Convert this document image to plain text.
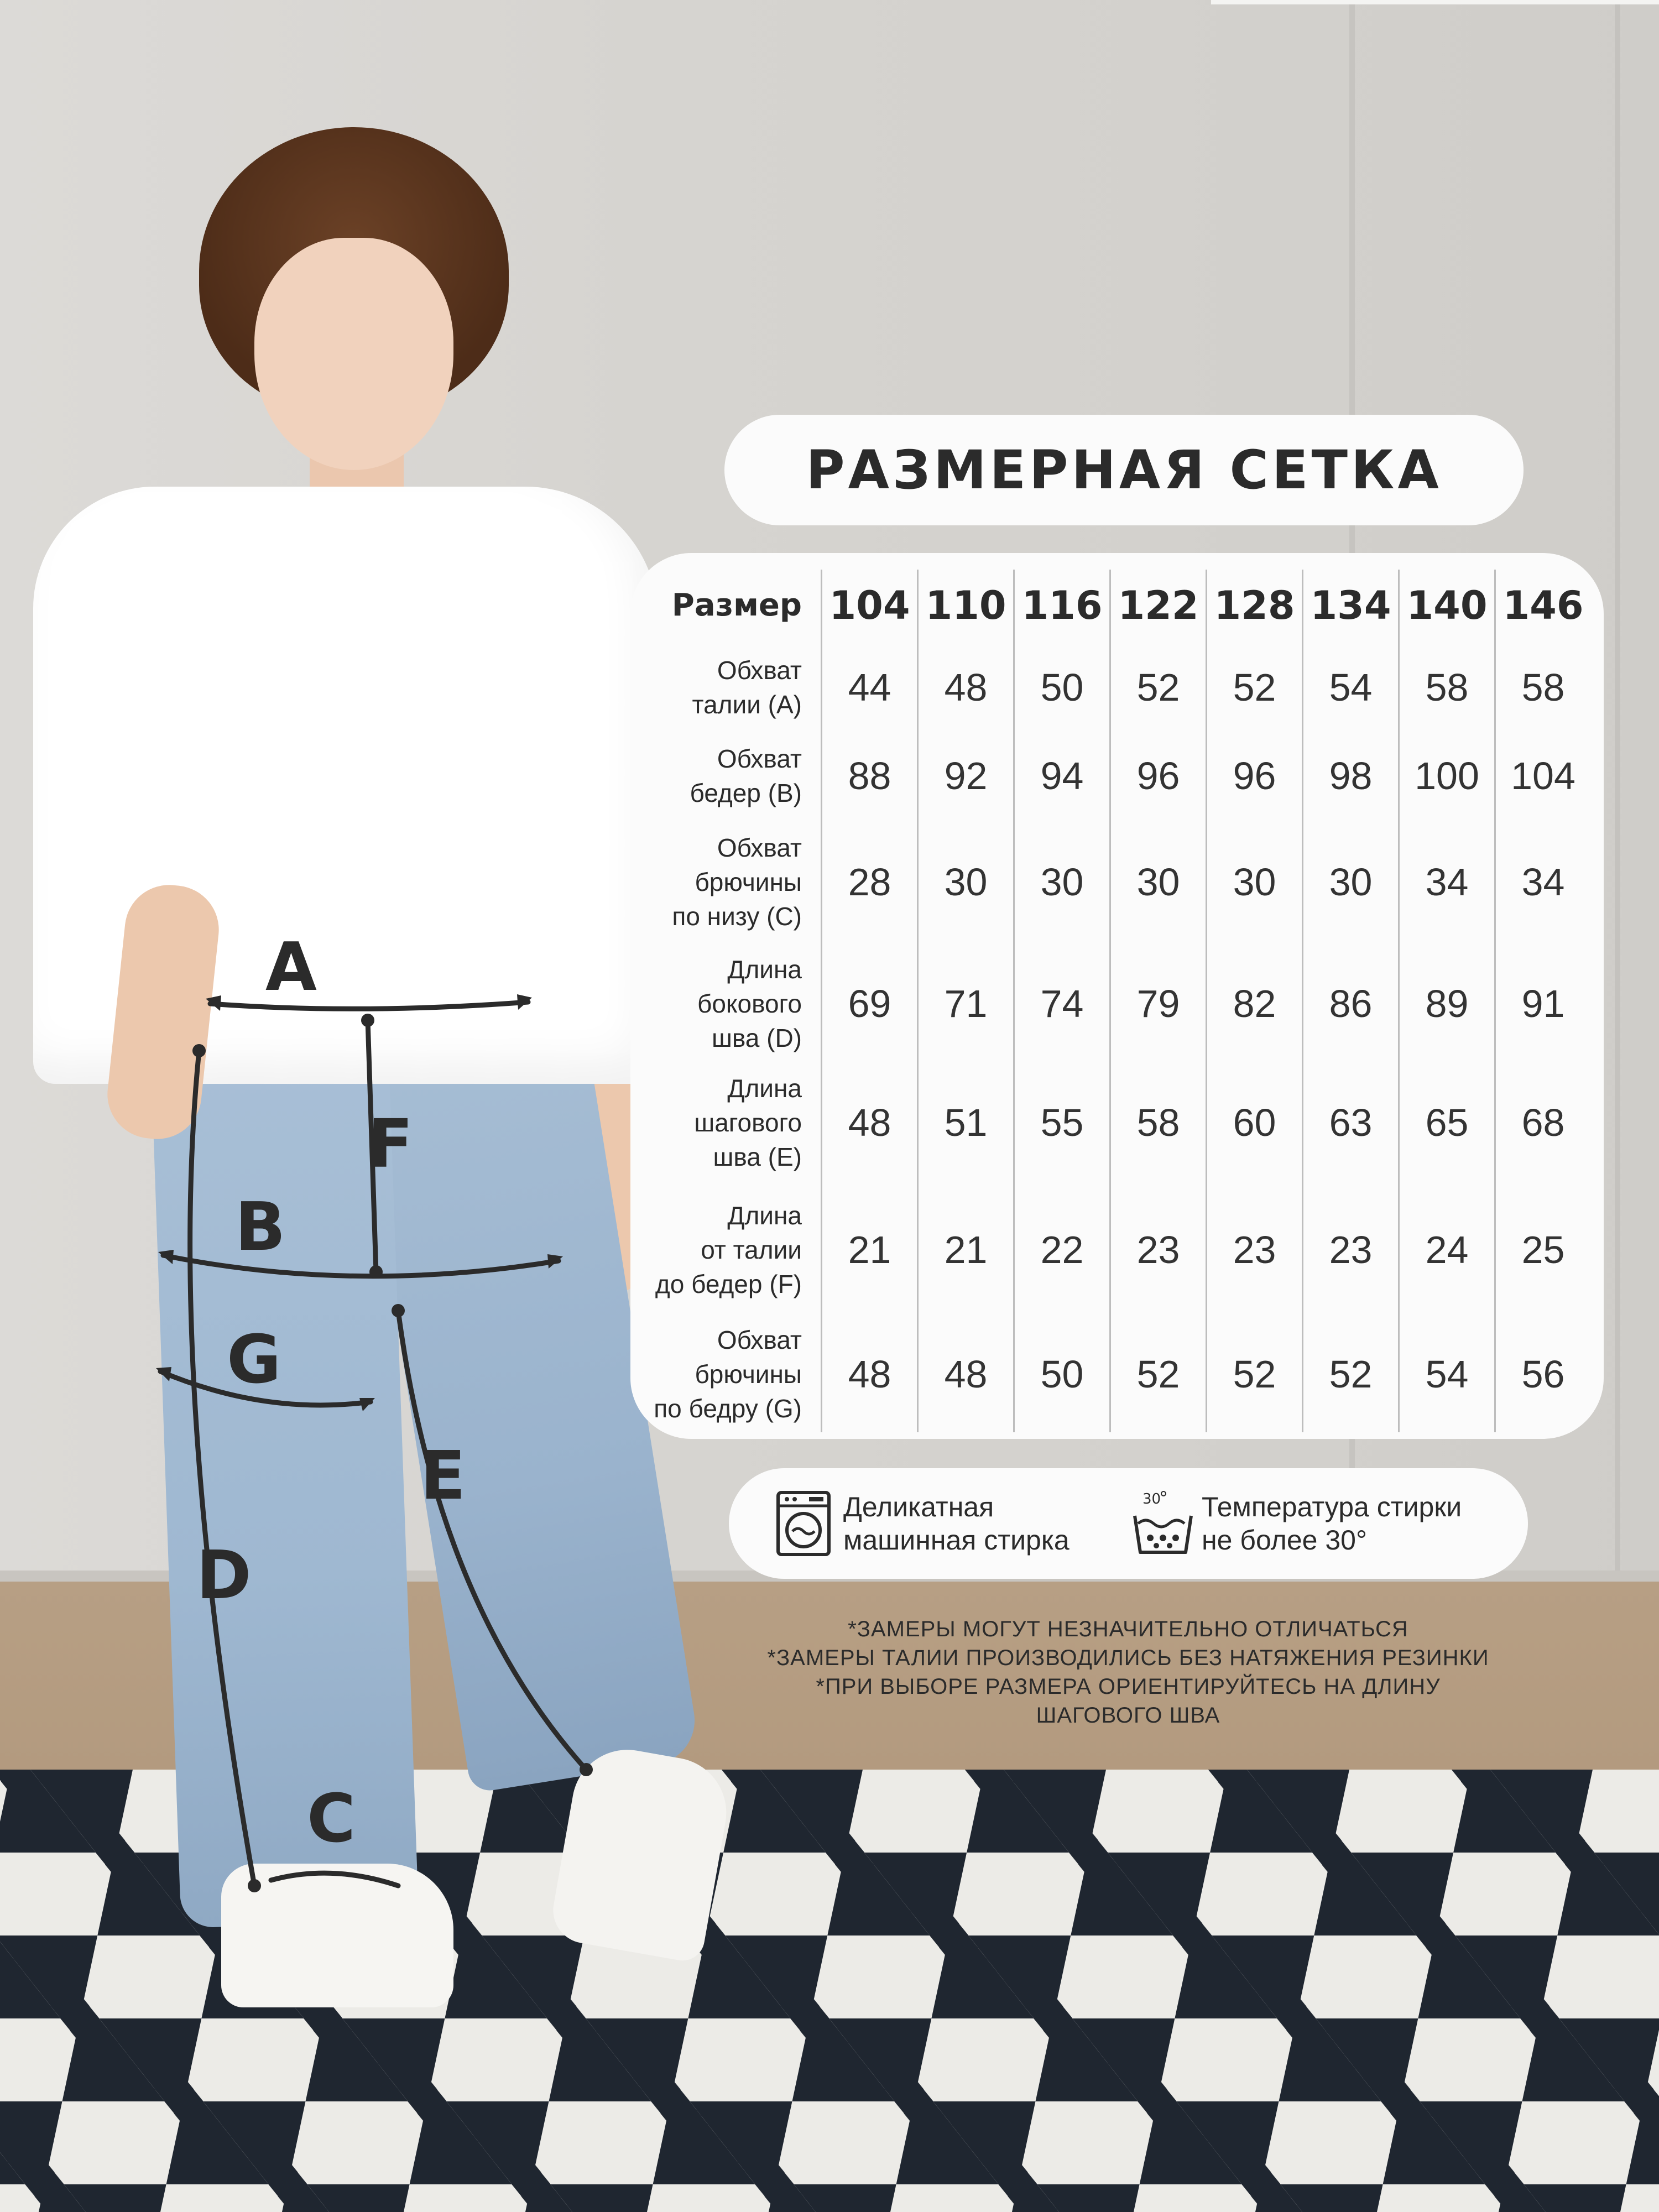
A
B
C
D
E
F
G
РАЗМЕРНАЯ СЕТКА
Размер 104 110 116 122 128 134 140 146
Обхват
талии (А)	44	48	50	52	52	54	58	58
Обхват
бедер (В)	88	92	94	96	96	98	100 104
Обхват
брючины
по низу (С)
28	30	30	30	30	30	34	34
Длина
бокового
шва (D)
69	71	74	79	82	86	89	91
Длина
шагового
шва (Е)
48	51	55	58	60	63	65	68
Длина
от талии
до бедер (F)
21	21	22	23	23	23	24	25
Обхват
брючины
по бедру (G)
48	48	50	52	52	52	54	56
Деликатная
машинная стирка
30 Температура стирки
не более 30°
*ЗАМЕРЫ МОГУТ НЕЗНАЧИТЕЛЬНО ОТЛИЧАТЬСЯ
*ЗАМЕРЫ ТАЛИИ ПРОИЗВОДИЛИСЬ БЕЗ НАТЯЖЕНИЯ РЕЗИНКИ
*ПРИ ВЫБОРЕ РАЗМЕРА ОРИЕНТИРУЙТЕСЬ НА ДЛИНУ
ШАГОВОГО ШВА
